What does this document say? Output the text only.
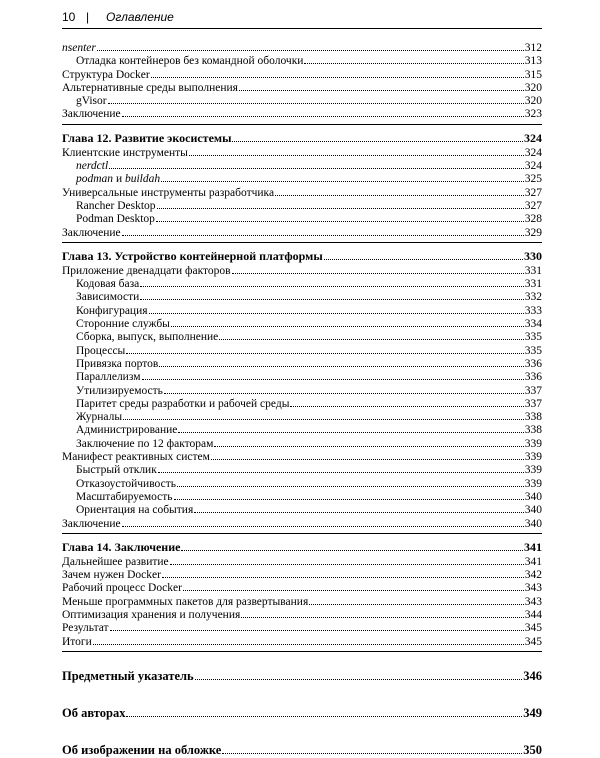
10 | Оглавление
nsenter	312
Отладка контейнеров без командной оболочки	313
Структура Docker	315
Альтернативные среды выполнения	320
gVisor	320
Заключение	323
Глава 12. Развитие экосистемы	324
Клиентские инструменты	324
nerdctl	324
podman и buildah	325
Универсальные инструменты разработчика	327
Rancher Desktop	327
Podman Desktop	328
Заключение	329
Глава 13. Устройство контейнерной платформы	330
Приложение двенадцати факторов	331
Кодовая база	331
Зависимости	332
Конфигурация	333
Сторонние службы	334
Сборка, выпуск, выполнение	335
Процессы	335
Привязка портов	336
Параллелизм	336
Утилизируемость	337
Паритет среды разработки и рабочей среды	337
Журналы	338
Администрирование	338
Заключение по 12 факторам	339
Манифест реактивных систем	339
Быстрый отклик	339
Отказоустойчивость	339
Масштабируемость	340
Ориентация на события	340
Заключение	340
Глава 14. Заключение	341
Дальнейшее развитие	341
Зачем нужен Docker	342
Рабочий процесс Docker	343
Меньше программных пакетов для развертывания	343
Оптимизация хранения и получения	344
Результат	345
Итоги	345
Предметный указатель	346
Об авторах	349
Об изображении на обложке	350
